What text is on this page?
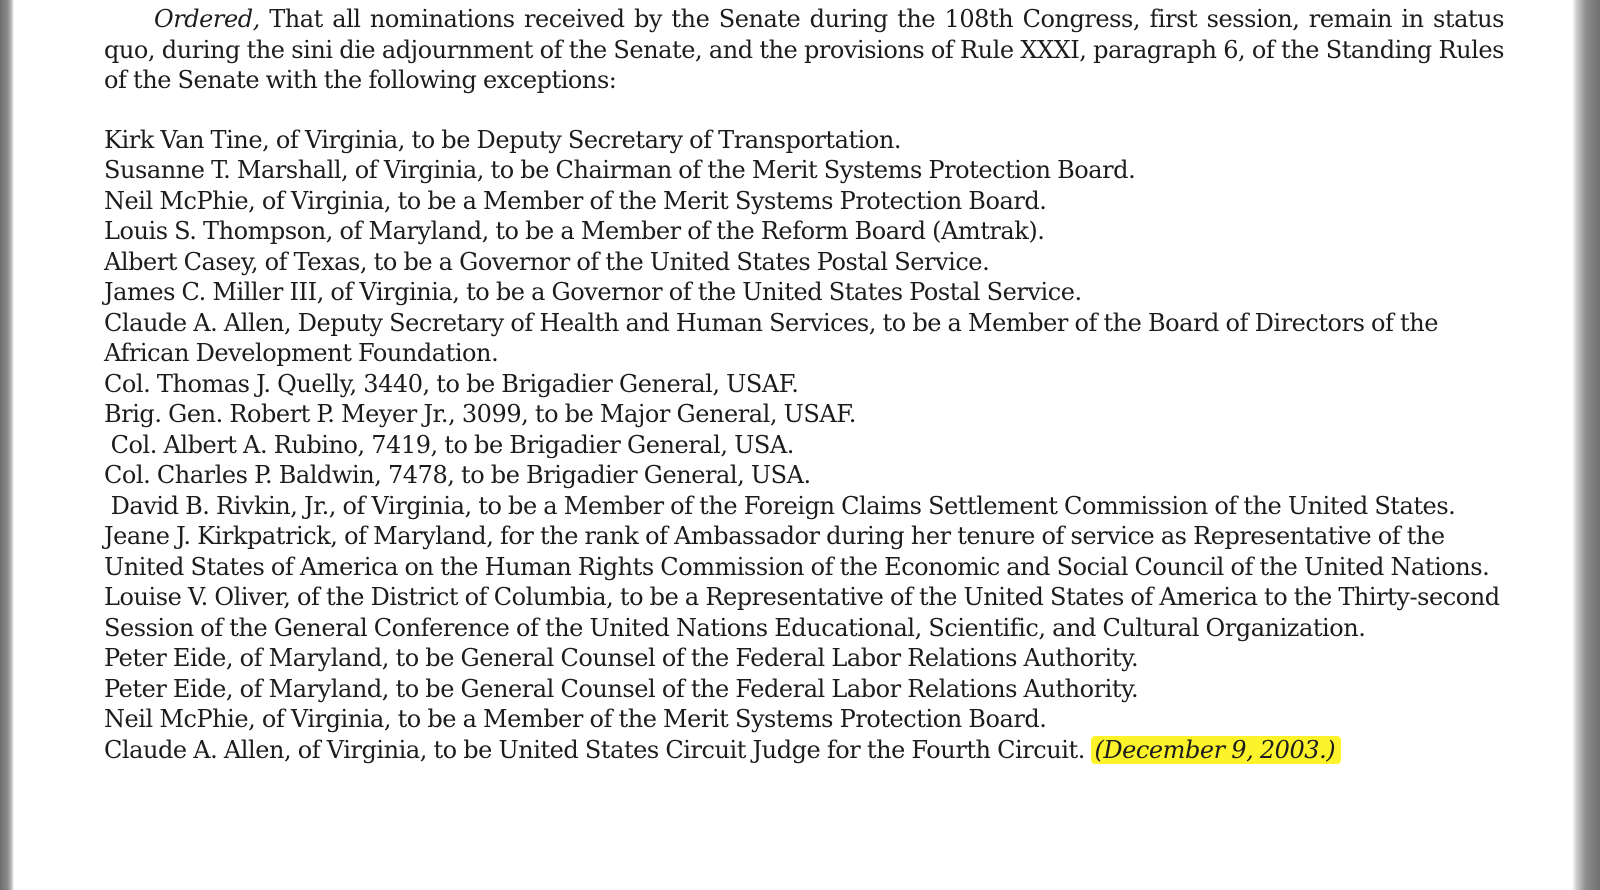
Ordered, That all nominations received by the Senate during the 108th Congress, first session, remain in status quo, during the sini die adjournment of the Senate, and the provisions of Rule XXXI, paragraph 6, of the Standing Rules of the Senate with the following exceptions:

Kirk Van Tine, of Virginia, to be Deputy Secretary of Transportation.
Susanne T. Marshall, of Virginia, to be Chairman of the Merit Systems Protection Board.
Neil McPhie, of Virginia, to be a Member of the Merit Systems Protection Board.
Louis S. Thompson, of Maryland, to be a Member of the Reform Board (Amtrak).
Albert Casey, of Texas, to be a Governor of the United States Postal Service.
James C. Miller III, of Virginia, to be a Governor of the United States Postal Service.
Claude A. Allen, Deputy Secretary of Health and Human Services, to be a Member of the Board of Directors of the African Development Foundation.
Col. Thomas J. Quelly, 3440, to be Brigadier General, USAF.
Brig. Gen. Robert P. Meyer Jr., 3099, to be Major General, USAF.
Col. Albert A. Rubino, 7419, to be Brigadier General, USA.
Col. Charles P. Baldwin, 7478, to be Brigadier General, USA.
David B. Rivkin, Jr., of Virginia, to be a Member of the Foreign Claims Settlement Commission of the United States.
Jeane J. Kirkpatrick, of Maryland, for the rank of Ambassador during her tenure of service as Representative of the United States of America on the Human Rights Commission of the Economic and Social Council of the United Nations.
Louise V. Oliver, of the District of Columbia, to be a Representative of the United States of America to the Thirty-second Session of the General Conference of the United Nations Educational, Scientific, and Cultural Organization.
Peter Eide, of Maryland, to be General Counsel of the Federal Labor Relations Authority.
Peter Eide, of Maryland, to be General Counsel of the Federal Labor Relations Authority.
Neil McPhie, of Virginia, to be a Member of the Merit Systems Protection Board.
Claude A. Allen, of Virginia, to be United States Circuit Judge for the Fourth Circuit. (December 9, 2003.)
